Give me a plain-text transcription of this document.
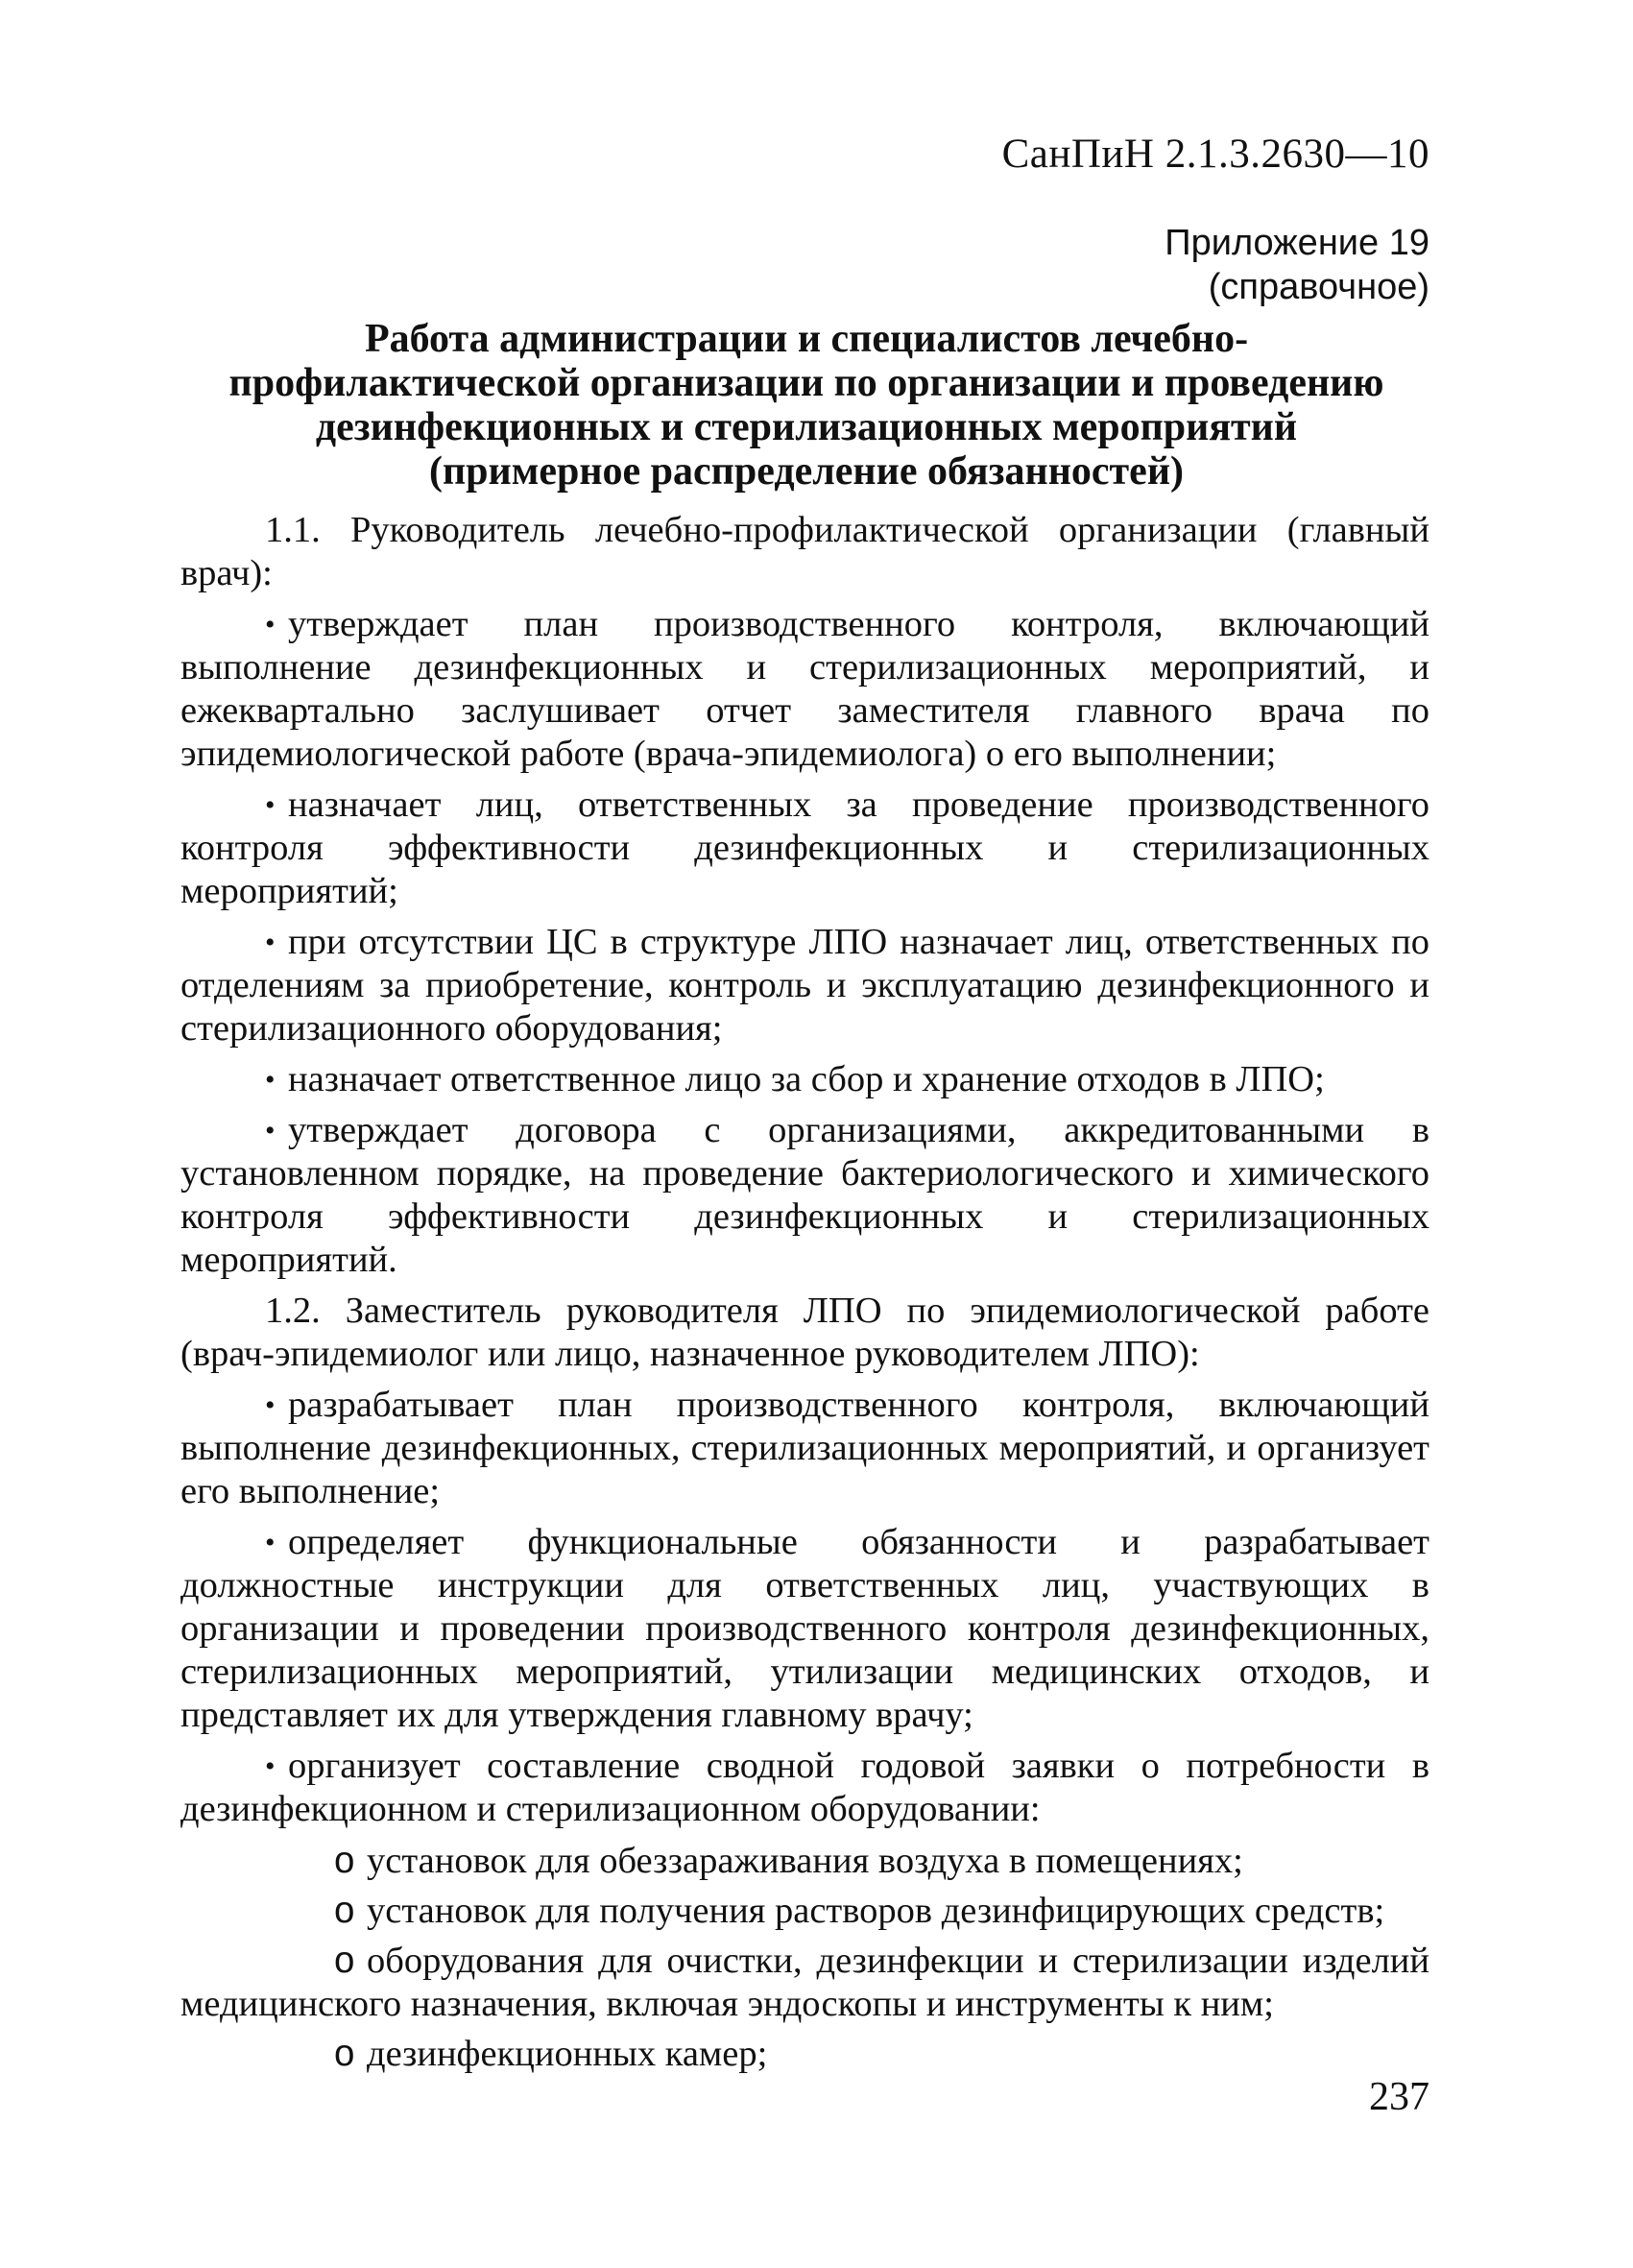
СанПиН 2.1.3.2630—10
Приложение 19
(справочное)
Работа администрации и специалистов лечебно-
профилактической организации по организации и проведению
дезинфекционных и стерилизационных мероприятий
(примерное распределение обязанностей)

1.1. Руководитель лечебно-профилактической организации (главный врач):

• утверждает план производственного контроля, включающий выполнение дезинфекционных и стерилизационных мероприятий, и ежеквартально заслушивает отчет заместителя главного врача по эпидемиологической работе (врача-эпидемиолога) о его выполнении;

• назначает лиц, ответственных за проведение производственного контроля эффективности дезинфекционных и стерилизационных мероприятий;

• при отсутствии ЦС в структуре ЛПО назначает лиц, ответственных по отделениям за приобретение, контроль и эксплуатацию дезинфекционного и стерилизационного оборудования;

• назначает ответственное лицо за сбор и хранение отходов в ЛПО;

• утверждает договора с организациями, аккредитованными в установленном порядке, на проведение бактериологического и химического контроля эффективности дезинфекционных и стерилизационных мероприятий.

1.2. Заместитель руководителя ЛПО по эпидемиологической работе (врач-эпидемиолог или лицо, назначенное руководителем ЛПО):

• разрабатывает план производственного контроля, включающий выполнение дезинфекционных, стерилизационных мероприятий, и организует его выполнение;

• определяет функциональные обязанности и разрабатывает должностные инструкции для ответственных лиц, участвующих в организации и проведении производственного контроля дезинфекционных, стерилизационных мероприятий, утилизации медицинских отходов, и представляет их для утверждения главному врачу;

• организует составление сводной годовой заявки о потребности в дезинфекционном и стерилизационном оборудовании:

o установок для обеззараживания воздуха в помещениях;

o установок для получения растворов дезинфицирующих средств;

o оборудования для очистки, дезинфекции и стерилизации изделий медицинского назначения, включая эндоскопы и инструменты к ним;

o дезинфекционных камер;

237
